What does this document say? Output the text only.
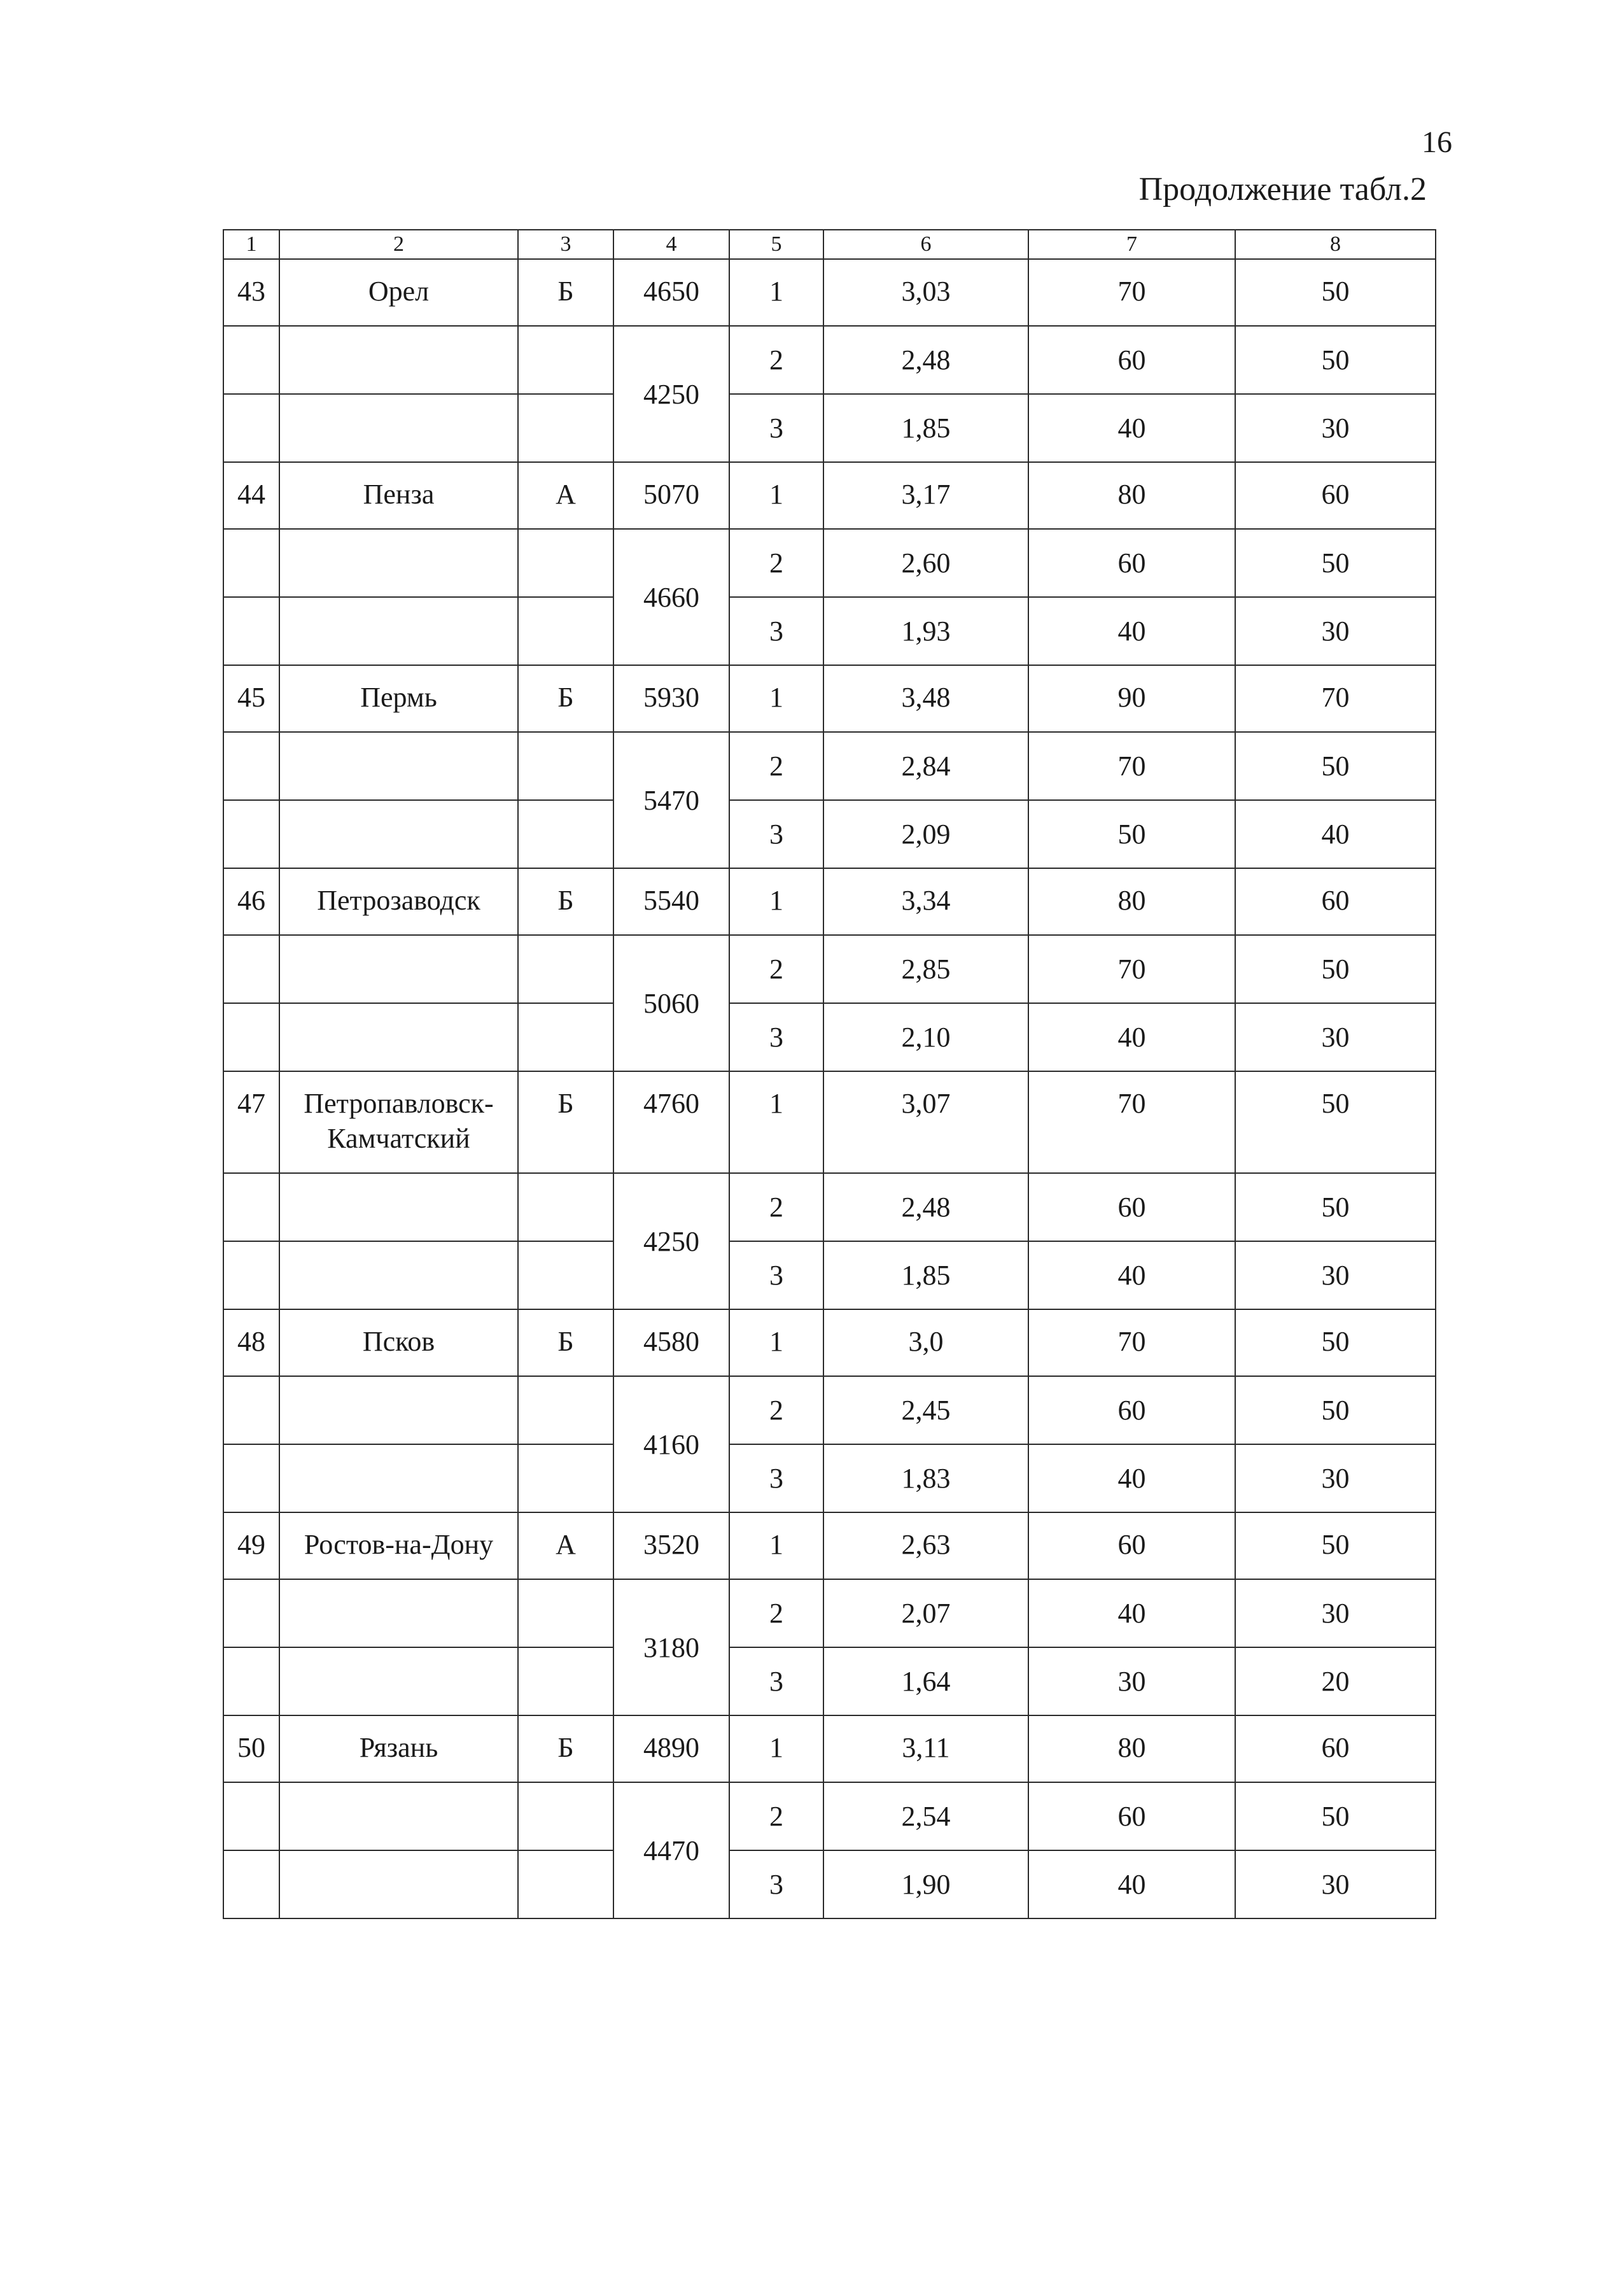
16
Продолжение табл.2
1	2	3	4	5	6	7	8
43	Орел	Б	4650	1	3,03	70	50
			4250	2	2,48	60	50
				3	1,85	40	30
44	Пенза	А	5070	1	3,17	80	60
			4660	2	2,60	60	50
				3	1,93	40	30
45	Пермь	Б	5930	1	3,48	90	70
			5470	2	2,84	70	50
				3	2,09	50	40
46	Петрозаводск	Б	5540	1	3,34	80	60
			5060	2	2,85	70	50
				3	2,10	40	30
47	Петропавловск-Камчатский	Б	4760	1	3,07	70	50
			4250	2	2,48	60	50
				3	1,85	40	30
48	Псков	Б	4580	1	3,0	70	50
			4160	2	2,45	60	50
				3	1,83	40	30
49	Ростов-на-Дону	А	3520	1	2,63	60	50
			3180	2	2,07	40	30
				3	1,64	30	20
50	Рязань	Б	4890	1	3,11	80	60
			4470	2	2,54	60	50
				3	1,90	40	30
